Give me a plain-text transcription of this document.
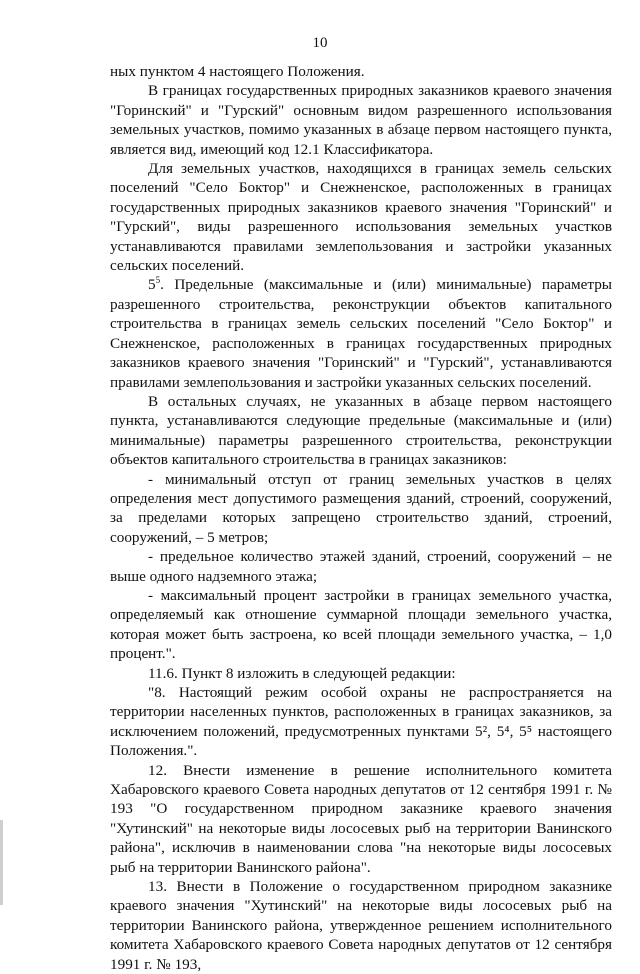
10

ных пунктом 4 настоящего Положения.

В границах государственных природных заказников краевого значения "Горинский" и "Гурский" основным видом разрешенного использования земельных участков, помимо указанных в абзаце первом настоящего пункта, является вид, имеющий код 12.1 Классификатора.

Для земельных участков, находящихся в границах земель сельских поселений "Село Боктор" и Снежненское, расположенных в границах государственных природных заказников краевого значения "Горинский" и "Гурский", виды разрешенного использования земельных участков устанавливаются правилами землепользования и застройки указанных сельских поселений.

$5^5$. Предельные (максимальные и (или) минимальные) параметры разрешенного строительства, реконструкции объектов капитального строительства в границах земель сельских поселений "Село Боктор" и Снежненское, расположенных в границах государственных природных заказников краевого значения "Горинский" и "Гурский", устанавливаются правилами землепользования и застройки указанных сельских поселений.

В остальных случаях, не указанных в абзаце первом настоящего пункта, устанавливаются следующие предельные (максимальные и (или) минимальные) параметры разрешенного строительства, реконструкции объектов капитального строительства в границах заказников:

- минимальный отступ от границ земельных участков в целях определения мест допустимого размещения зданий, строений, сооружений, за пределами которых запрещено строительство зданий, строений, сооружений, – 5 метров;

- предельное количество этажей зданий, строений, сооружений – не выше одного надземного этажа;

- максимальный процент застройки в границах земельного участка, определяемый как отношение суммарной площади земельного участка, которая может быть застроена, ко всей площади земельного участка, – 1,0 процент.".

11.6. Пункт 8 изложить в следующей редакции:

"8. Настоящий режим особой охраны не распространяется на территории населенных пунктов, расположенных в границах заказников, за исключением положений, предусмотренных пунктами 5², 5⁴, 5⁵ настоящего Положения.".

12. Внести изменение в решение исполнительного комитета Хабаровского краевого Совета народных депутатов от 12 сентября 1991 г. № 193 "О государственном природном заказнике краевого значения "Хутинский" на некоторые виды лососевых рыб на территории Ванинского района", исключив в наименовании слова "на некоторые виды лососевых рыб на территории Ванинского района".

13. Внести в Положение о государственном природном заказнике краевого значения "Хутинский" на некоторые виды лососевых рыб на территории Ванинского района, утвержденное решением исполнительного комитета Хабаровского краевого Совета народных депутатов от 12 сентября 1991 г. № 193,
